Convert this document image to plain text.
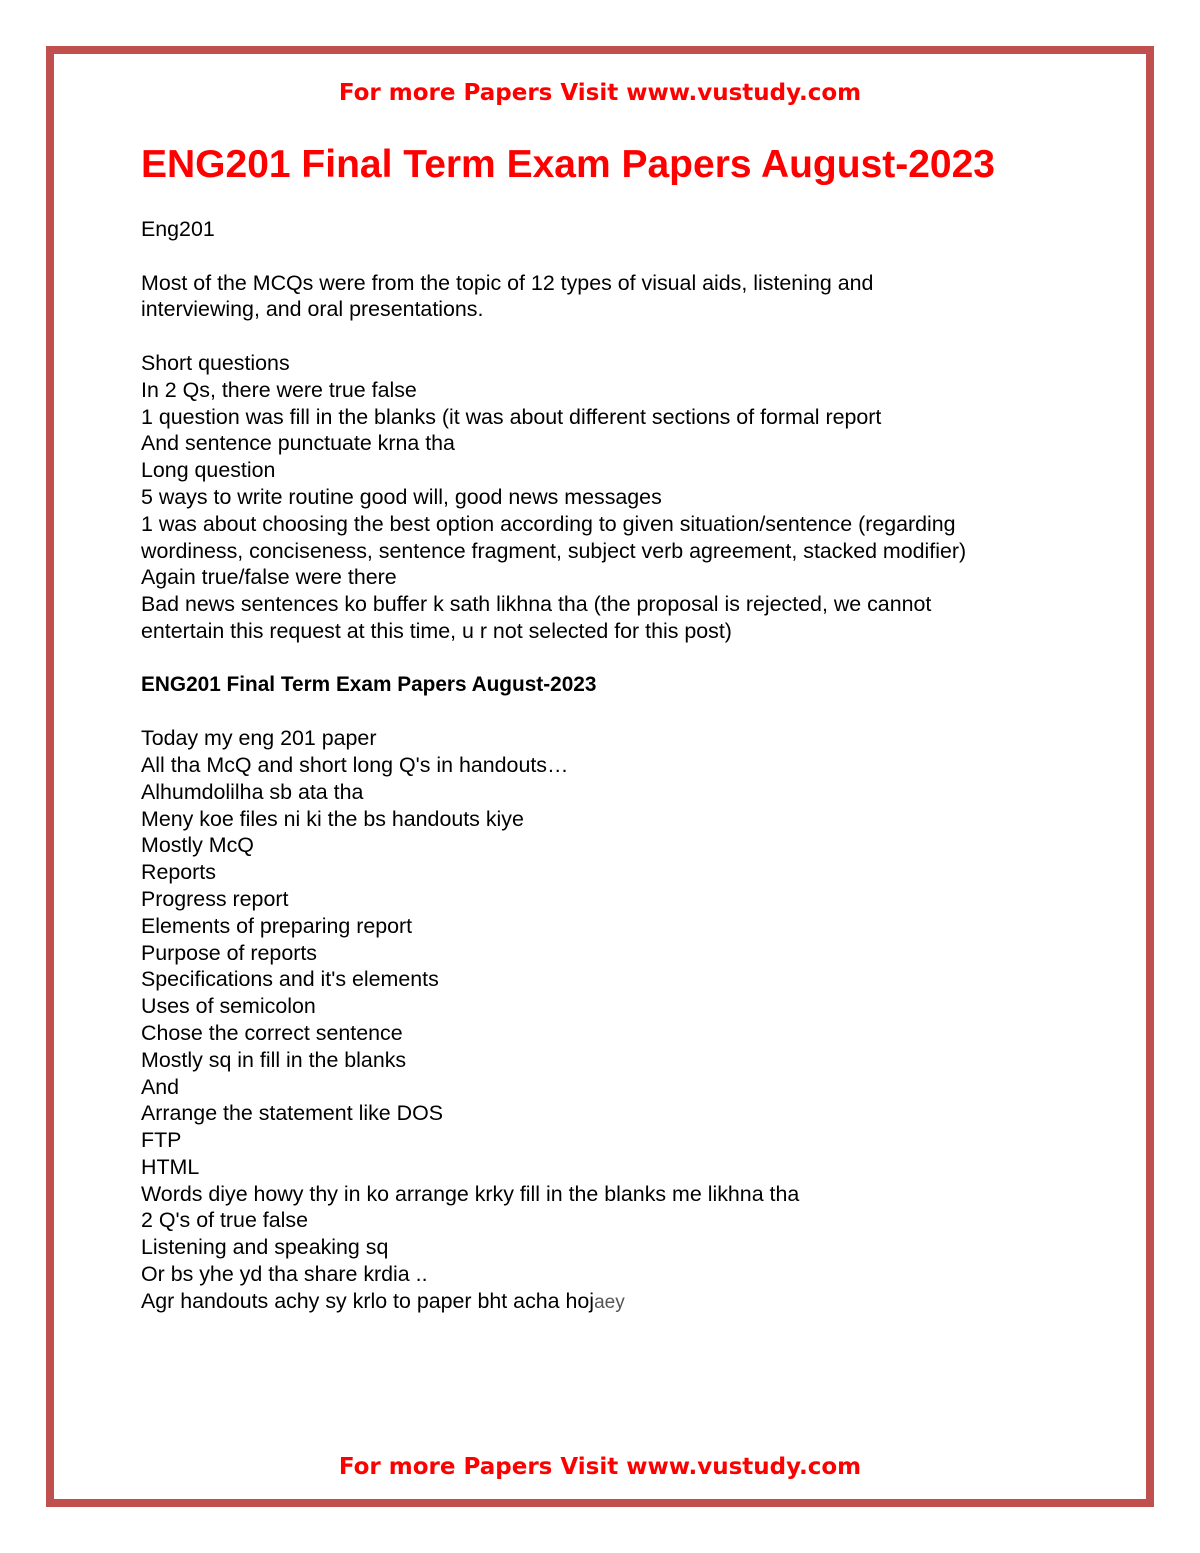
For more Papers Visit www.vustudy.com
ENG201 Final Term Exam Papers August-2023
Eng201
Most of the MCQs were from the topic of 12 types of visual aids, listening and
interviewing, and oral presentations.
Short questions
In 2 Qs, there were true false
1 question was fill in the blanks (it was about different sections of formal report
And sentence punctuate krna tha
Long question
5 ways to write routine good will, good news messages
1 was about choosing the best option according to given situation/sentence (regarding
wordiness, conciseness, sentence fragment, subject verb agreement, stacked modifier)
Again true/false were there
Bad news sentences ko buffer k sath likhna tha (the proposal is rejected, we cannot
entertain this request at this time, u r not selected for this post)
ENG201 Final Term Exam Papers August-2023
Today my eng 201 paper
All tha McQ and short long Q's in handouts…
Alhumdolilha sb ata tha
Meny koe files ni ki the bs handouts kiye
Mostly McQ
Reports
Progress report
Elements of preparing report
Purpose of reports
Specifications and it's elements
Uses of semicolon
Chose the correct sentence
Mostly sq in fill in the blanks
And
Arrange the statement like DOS
FTP
HTML
Words diye howy thy in ko arrange krky fill in the blanks me likhna tha
2 Q's of true false
Listening and speaking sq
Or bs yhe yd tha share krdia ..
Agr handouts achy sy krlo to paper bht acha hojaey
For more Papers Visit www.vustudy.com
